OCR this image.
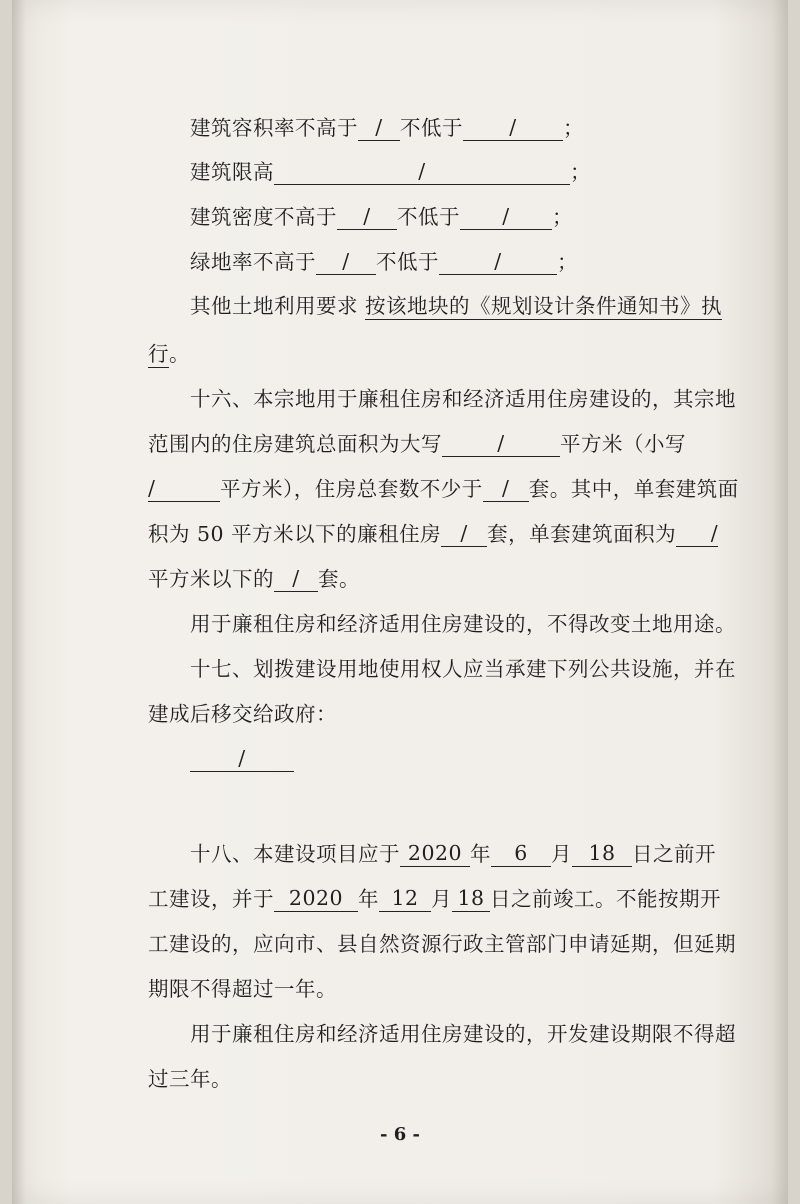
建筑容积率不高于 / 不低于 / ；
建筑限高	/	；
建筑密度不高于 / 不低于 / ；
绿地率不高于 / 不低于	/	；
其他土地利用要求 按该地块的《规划设计条件通知书》执
行。
十六、本宗地用于廉租住房和经济适用住房建设的，其宗地
范围内的住房建筑总面积为大写	/	平方米（小写
/	平方米），住房总套数不少于 / 套。其中，单套建筑面
积为 50 平方米以下的廉租住房 / 套，单套建筑面积为 /
平方米以下的 / 套。
用于廉租住房和经济适用住房建设的，不得改变土地用途。
十七、划拨建设用地使用权人应当承建下列公共设施，并在
建成后移交给政府：
/
十八、本建设项目应于 2020 年 6 月 18 日之前开
工建设，并于 2020 年 12 月 18 日之前竣工。不能按期开
工建设的，应向市、县自然资源行政主管部门申请延期，但延期
期限不得超过一年。
用于廉租住房和经济适用住房建设的，开发建设期限不得超
过三年。
- 6 -
